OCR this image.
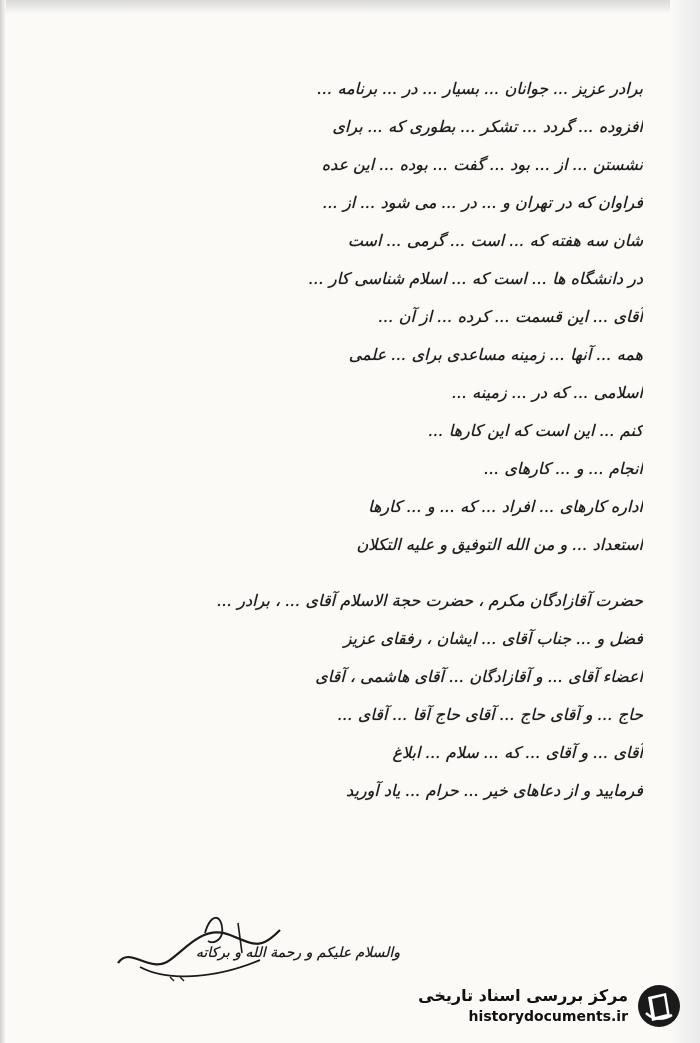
برادر عزیز ... جوانان ... بسیار ... در ... برنامه ...
افزوده ... گردد ... تشکر ... بطوری که ... برای
نشستن ... از ... بود ... گفت ... بوده ... این عده
فراوان که در تهران و ... در ... می شود ... از ...
شان سه هفته که ... است ... گرمی ... است
در دانشگاه ها ... است که ... اسلام شناسی کار ...
آقای ... این قسمت ... کرده ... از آن ...
همه ... آنها ... زمینه مساعدی برای ... علمی
اسلامی ... که در ... زمینه ...
کنم ... این است که این کارها ...
انجام ... و ... کارهای ...
اداره کارهای ... افراد ... که ... و ... کارها
استعداد ... و من الله التوفیق و علیه التکلان
حضرت آقازادگان مکرم ، حضرت حجة الاسلام آقای ... ، برادر ...
فضل و ... جناب آقای ... ایشان ، رفقای عزیز
اعضاء آقای ... و آقازادگان ... آقای هاشمی ، آقای
حاج ... و آقای حاج ... آقای حاج آقا ... آقای ...
آقای ... و آقای ... که ... سلام ... ابلاغ
فرمایید و از دعاهای خیر ... حرام ... یاد آورید
والسلام علیکم و رحمة الله و برکاته
مرکز بررسی اسناد تاریخی
historydocuments.ir
